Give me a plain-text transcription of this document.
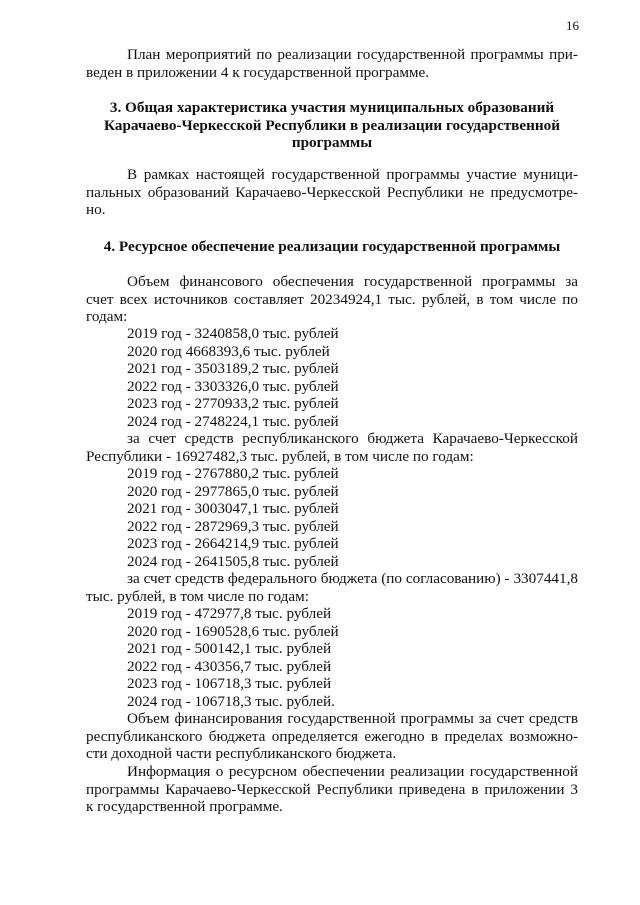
16
План мероприятий по реализации государственной программы при-
веден в приложении 4 к государственной программе.
3. Общая характеристика участия муниципальных образований
Карачаево-Черкесской Республики в реализации государственной
программы
В рамках настоящей государственной программы участие муници-
пальных образований Карачаево-Черкесской Республики не предусмотре-
но.
4. Ресурсное обеспечение реализации государственной программы
Объем финансового обеспечения государственной программы за
счет всех источников составляет 20234924,1 тыс. рублей, в том числе по
годам:
2019 год - 3240858,0 тыс. рублей
2020 год 4668393,6 тыс. рублей
2021 год - 3503189,2 тыс. рублей
2022 год - 3303326,0 тыс. рублей
2023 год - 2770933,2 тыс. рублей
2024 год - 2748224,1 тыс. рублей
за счет средств республиканского бюджета Карачаево-Черкесской
Республики - 16927482,3 тыс. рублей, в том числе по годам:
2019 год - 2767880,2 тыс. рублей
2020 год - 2977865,0 тыс. рублей
2021 год - 3003047,1 тыс. рублей
2022 год - 2872969,3 тыс. рублей
2023 год - 2664214,9 тыс. рублей
2024 год - 2641505,8 тыс. рублей
за счет средств федерального бюджета (по согласованию) - 3307441,8
тыс. рублей, в том числе по годам:
2019 год - 472977,8 тыс. рублей
2020 год - 1690528,6 тыс. рублей
2021 год - 500142,1 тыс. рублей
2022 год - 430356,7 тыс. рублей
2023 год - 106718,3 тыс. рублей
2024 год - 106718,3 тыс. рублей.
Объем финансирования государственной программы за счет средств
республиканского бюджета определяется ежегодно в пределах возможно-
сти доходной части республиканского бюджета.
Информация о ресурсном обеспечении реализации государственной
программы Карачаево-Черкесской Республики приведена в приложении 3
к государственной программе.
